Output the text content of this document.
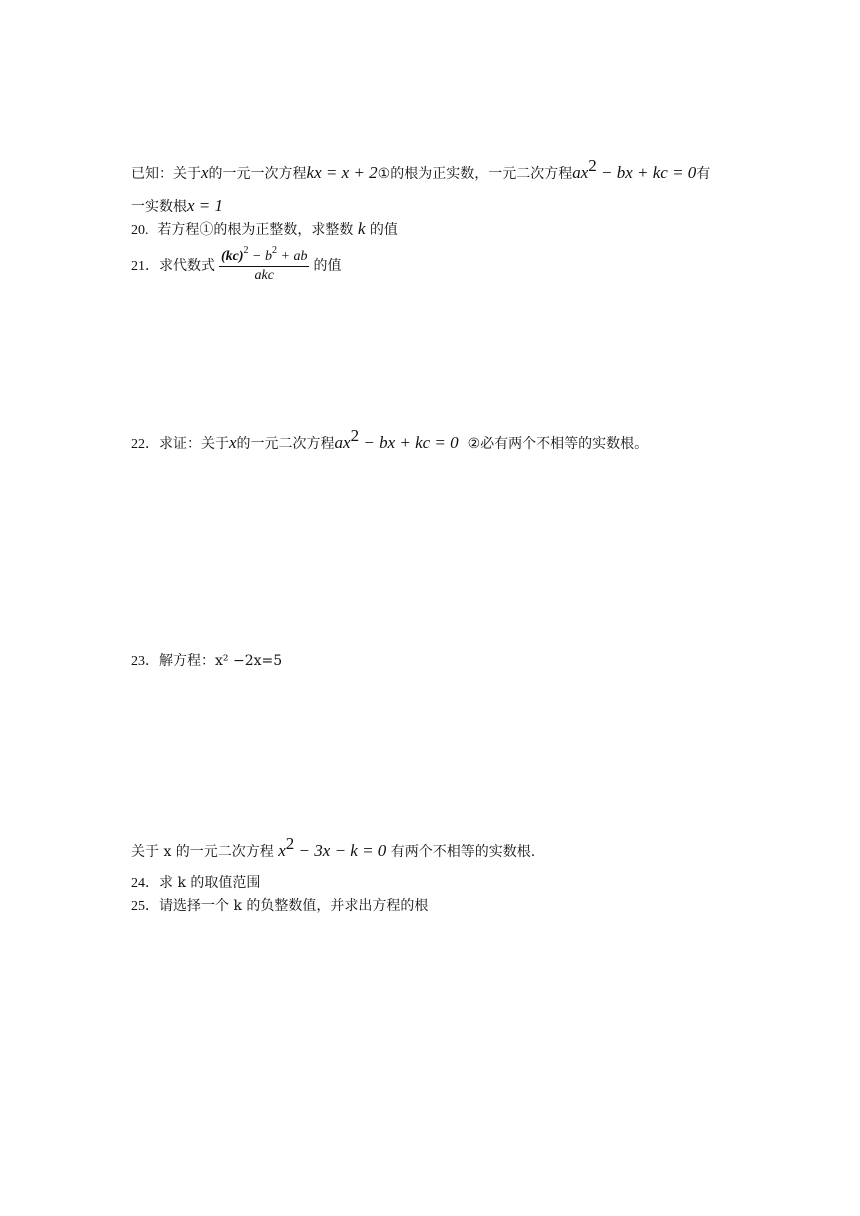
已知：关于x的一元一次方程kx = x + 2①的根为正实数，一元二次方程$ax^2$ − bx + kc = 0有
一实数根x = 1
20. 若方程①的根为正整数，求整数 k 的值
21．求代数式 $\frac{(kc)^2 - b^2 + ab}{\text{akc}}$ 的值
22．求证：关于x的一元二次方程$ax^2$ − bx + kc = 0 ②必有两个不相等的实数根。
23．解方程：x² −2x=5
关于 x 的一元二次方程 $x^2 - 3x - k = 0$ 有两个不相等的实数根.
24．求 k 的取值范围
25．请选择一个 k 的负整数值，并求出方程的根
